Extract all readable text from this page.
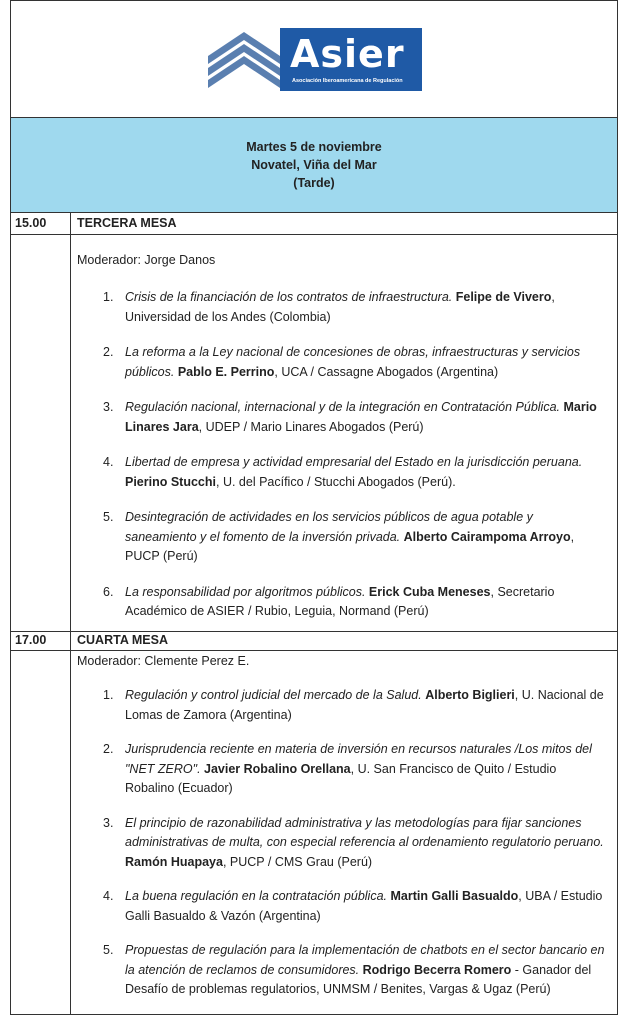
Asier
Asociación Iberoamericana de Regulación
Martes 5 de noviembre
Novatel, Viña del Mar
(Tarde)
15.00	TERCERA MESA
Moderador: Jorge Danos
1. Crisis de la financiación de los contratos de infraestructura. Felipe de Vivero, Universidad de los Andes (Colombia)
2. La reforma a la Ley nacional de concesiones de obras, infraestructuras y servicios públicos. Pablo E. Perrino, UCA / Cassagne Abogados (Argentina)
3. Regulación nacional, internacional y de la integración en Contratación Pública. Mario Linares Jara, UDEP / Mario Linares Abogados (Perú)
4. Libertad de empresa y actividad empresarial del Estado en la jurisdicción peruana. Pierino Stucchi, U. del Pacífico / Stucchi Abogados (Perú).
5. Desintegración de actividades en los servicios públicos de agua potable y saneamiento y el fomento de la inversión privada. Alberto Cairampoma Arroyo, PUCP (Perú)
6. La responsabilidad por algoritmos públicos. Erick Cuba Meneses, Secretario Académico de ASIER / Rubio, Leguia, Normand (Perú)
17.00	CUARTA MESA
Moderador: Clemente Perez E.
1. Regulación y control judicial del mercado de la Salud. Alberto Biglieri, U. Nacional de Lomas de Zamora (Argentina)
2. Jurisprudencia reciente en materia de inversión en recursos naturales /Los mitos del "NET ZERO". Javier Robalino Orellana, U. San Francisco de Quito / Estudio Robalino (Ecuador)
3. El principio de razonabilidad administrativa y las metodologías para fijar sanciones administrativas de multa, con especial referencia al ordenamiento regulatorio peruano. Ramón Huapaya, PUCP / CMS Grau (Perú)
4. La buena regulación en la contratación pública. Martin Galli Basualdo, UBA / Estudio Galli Basualdo & Vazón (Argentina)
5. Propuestas de regulación para la implementación de chatbots en el sector bancario en la atención de reclamos de consumidores. Rodrigo Becerra Romero - Ganador del Desafío de problemas regulatorios, UNMSM / Benites, Vargas & Ugaz (Perú)
